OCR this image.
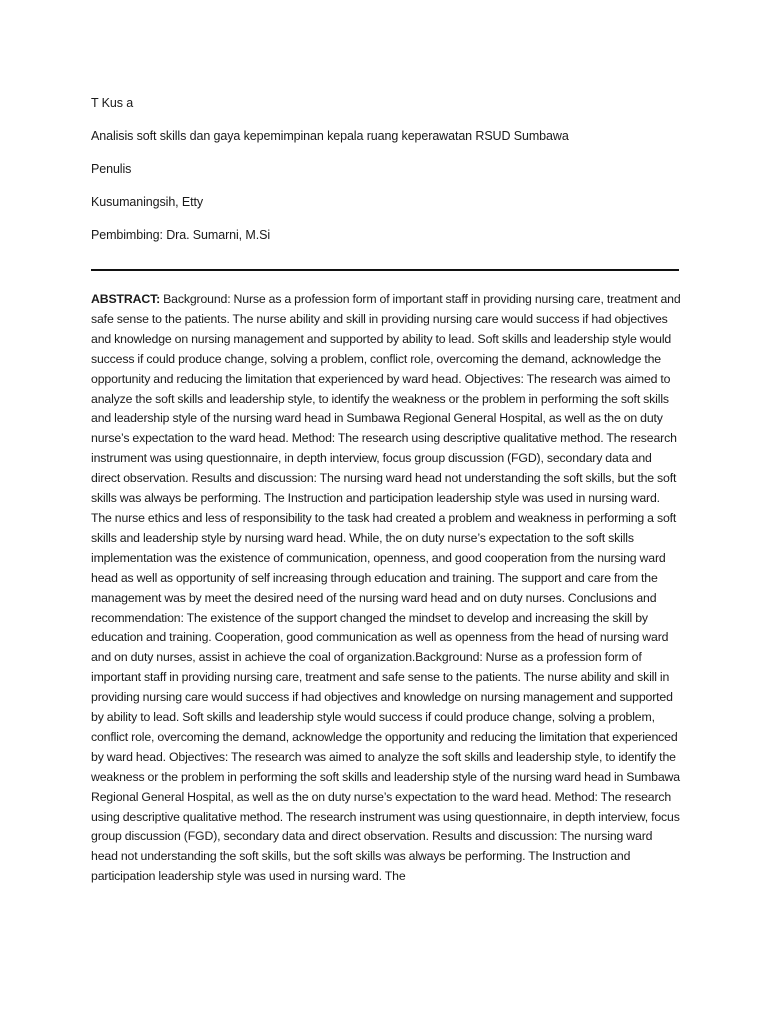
T Kus a
Analisis soft skills dan gaya kepemimpinan kepala ruang keperawatan RSUD Sumbawa
Penulis
Kusumaningsih, Etty
Pembimbing: Dra. Sumarni, M.Si
ABSTRACT: Background: Nurse as a profession form of important staff in providing nursing care, treatment and safe sense to the patients. The nurse ability and skill in providing nursing care would success if had objectives and knowledge on nursing management and supported by ability to lead. Soft skills and leadership style would success if could produce change, solving a problem, conflict role, overcoming the demand, acknowledge the opportunity and reducing the limitation that experienced by ward head. Objectives: The research was aimed to analyze the soft skills and leadership style, to identify the weakness or the problem in performing the soft skills and leadership style of the nursing ward head in Sumbawa Regional General Hospital, as well as the on duty nurse’s expectation to the ward head. Method: The research using descriptive qualitative method. The research instrument was using questionnaire, in depth interview, focus group discussion (FGD), secondary data and direct observation. Results and discussion: The nursing ward head not understanding the soft skills, but the soft skills was always be performing. The Instruction and participation leadership style was used in nursing ward. The nurse ethics and less of responsibility to the task had created a problem and weakness in performing a soft skills and leadership style by nursing ward head. While, the on duty nurse’s expectation to the soft skills implementation was the existence of communication, openness, and good cooperation from the nursing ward head as well as opportunity of self increasing through education and training. The support and care from the management was by meet the desired need of the nursing ward head and on duty nurses. Conclusions and recommendation: The existence of the support changed the mindset to develop and increasing the skill by education and training. Cooperation, good communication as well as openness from the head of nursing ward and on duty nurses, assist in achieve the coal of organization.Background: Nurse as a profession form of important staff in providing nursing care, treatment and safe sense to the patients. The nurse ability and skill in providing nursing care would success if had objectives and knowledge on nursing management and supported by ability to lead. Soft skills and leadership style would success if could produce change, solving a problem, conflict role, overcoming the demand, acknowledge the opportunity and reducing the limitation that experienced by ward head. Objectives: The research was aimed to analyze the soft skills and leadership style, to identify the weakness or the problem in performing the soft skills and leadership style of the nursing ward head in Sumbawa Regional General Hospital, as well as the on duty nurse’s expectation to the ward head. Method: The research using descriptive qualitative method. The research instrument was using questionnaire, in depth interview, focus group discussion (FGD), secondary data and direct observation. Results and discussion: The nursing ward head not understanding the soft skills, but the soft skills was always be performing. The Instruction and participation leadership style was used in nursing ward. The
